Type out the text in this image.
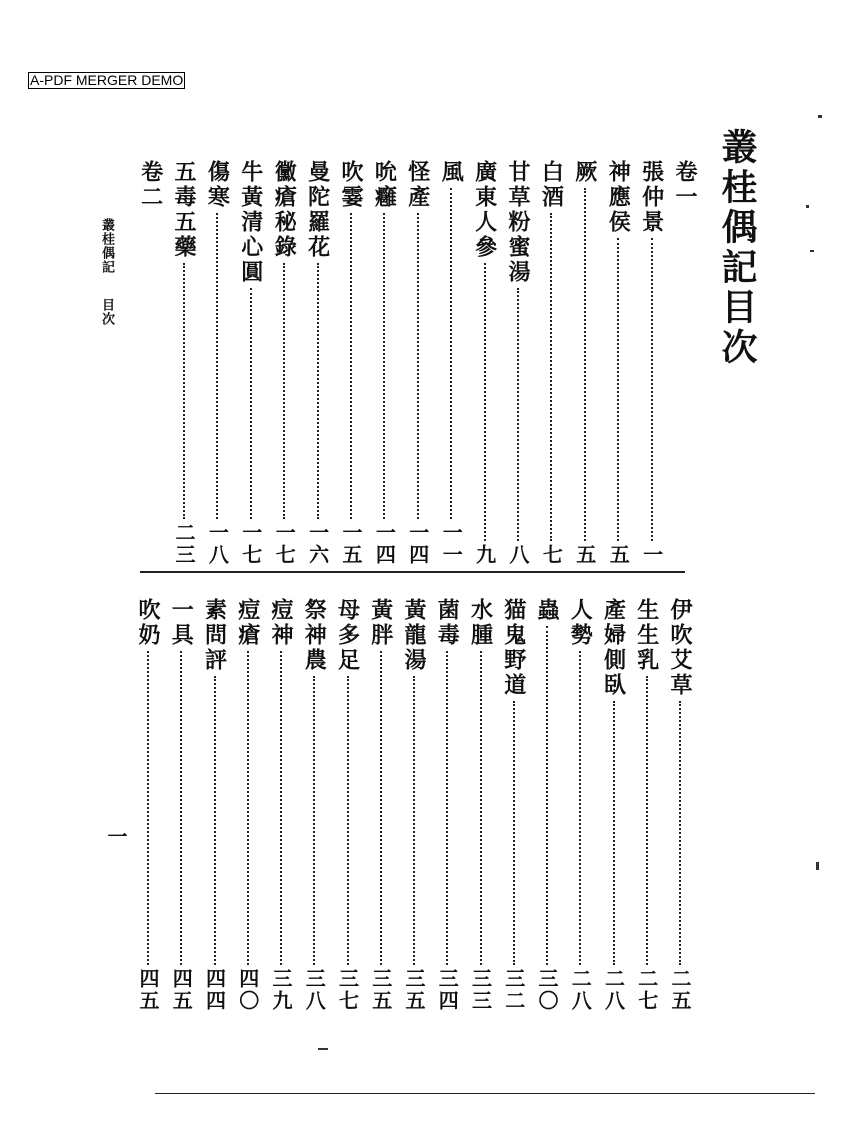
A-PDF MERGER DEMO
叢桂偶記目次
叢桂偶記 目次
一
卷一
張仲景
一
神應侯
五
厥
五
白酒
七
甘草粉蜜湯
八
廣東人參
九
風
一一
怪產
一四
吮癰
一四
吹霎
一五
曼陀羅花
一六
黴瘡秘錄
一七
牛黃清心圓
一七
傷寒
一八
五毒五藥
二三
卷二
伊吹艾草
二五
生生乳
二七
產婦側臥
二八
人勢
二八
蟲
三〇
猫鬼野道
三二
水腫
三三
菌毒
三四
黃龍湯
三五
黃胖
三五
母多足
三七
祭神農
三八
痘神
三九
痘瘡
四〇
素問評
四四
一具
四五
吹奶
四五
